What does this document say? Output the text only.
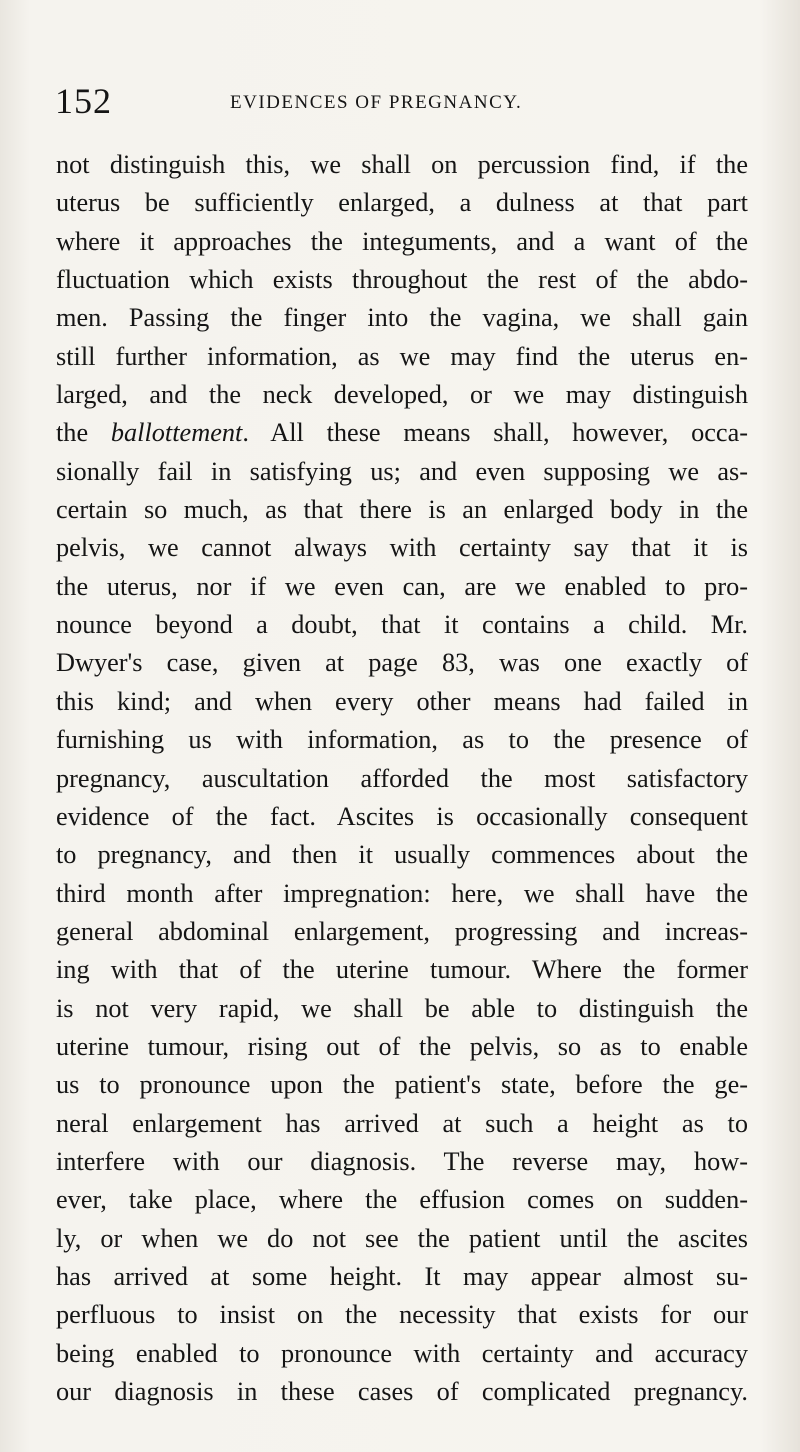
152	EVIDENCES OF PREGNANCY.
not distinguish this, we shall on percussion find, if the
uterus be sufficiently enlarged, a dulness at that part
where it approaches the integuments, and a want of the
fluctuation which exists throughout the rest of the abdo-
men. Passing the finger into the vagina, we shall gain
still further information, as we may find the uterus en-
larged, and the neck developed, or we may distinguish
the ballottement. All these means shall, however, occa-
sionally fail in satisfying us; and even supposing we as-
certain so much, as that there is an enlarged body in the
pelvis, we cannot always with certainty say that it is
the uterus, nor if we even can, are we enabled to pro-
nounce beyond a doubt, that it contains a child. Mr.
Dwyer's case, given at page 83, was one exactly of
this kind; and when every other means had failed in
furnishing us with information, as to the presence of
pregnancy, auscultation afforded the most satisfactory
evidence of the fact. Ascites is occasionally consequent
to pregnancy, and then it usually commences about the
third month after impregnation: here, we shall have the
general abdominal enlargement, progressing and increas-
ing with that of the uterine tumour. Where the former
is not very rapid, we shall be able to distinguish the
uterine tumour, rising out of the pelvis, so as to enable
us to pronounce upon the patient's state, before the ge-
neral enlargement has arrived at such a height as to
interfere with our diagnosis. The reverse may, how-
ever, take place, where the effusion comes on sudden-
ly, or when we do not see the patient until the ascites
has arrived at some height. It may appear almost su-
perfluous to insist on the necessity that exists for our
being enabled to pronounce with certainty and accuracy
our diagnosis in these cases of complicated pregnancy.
